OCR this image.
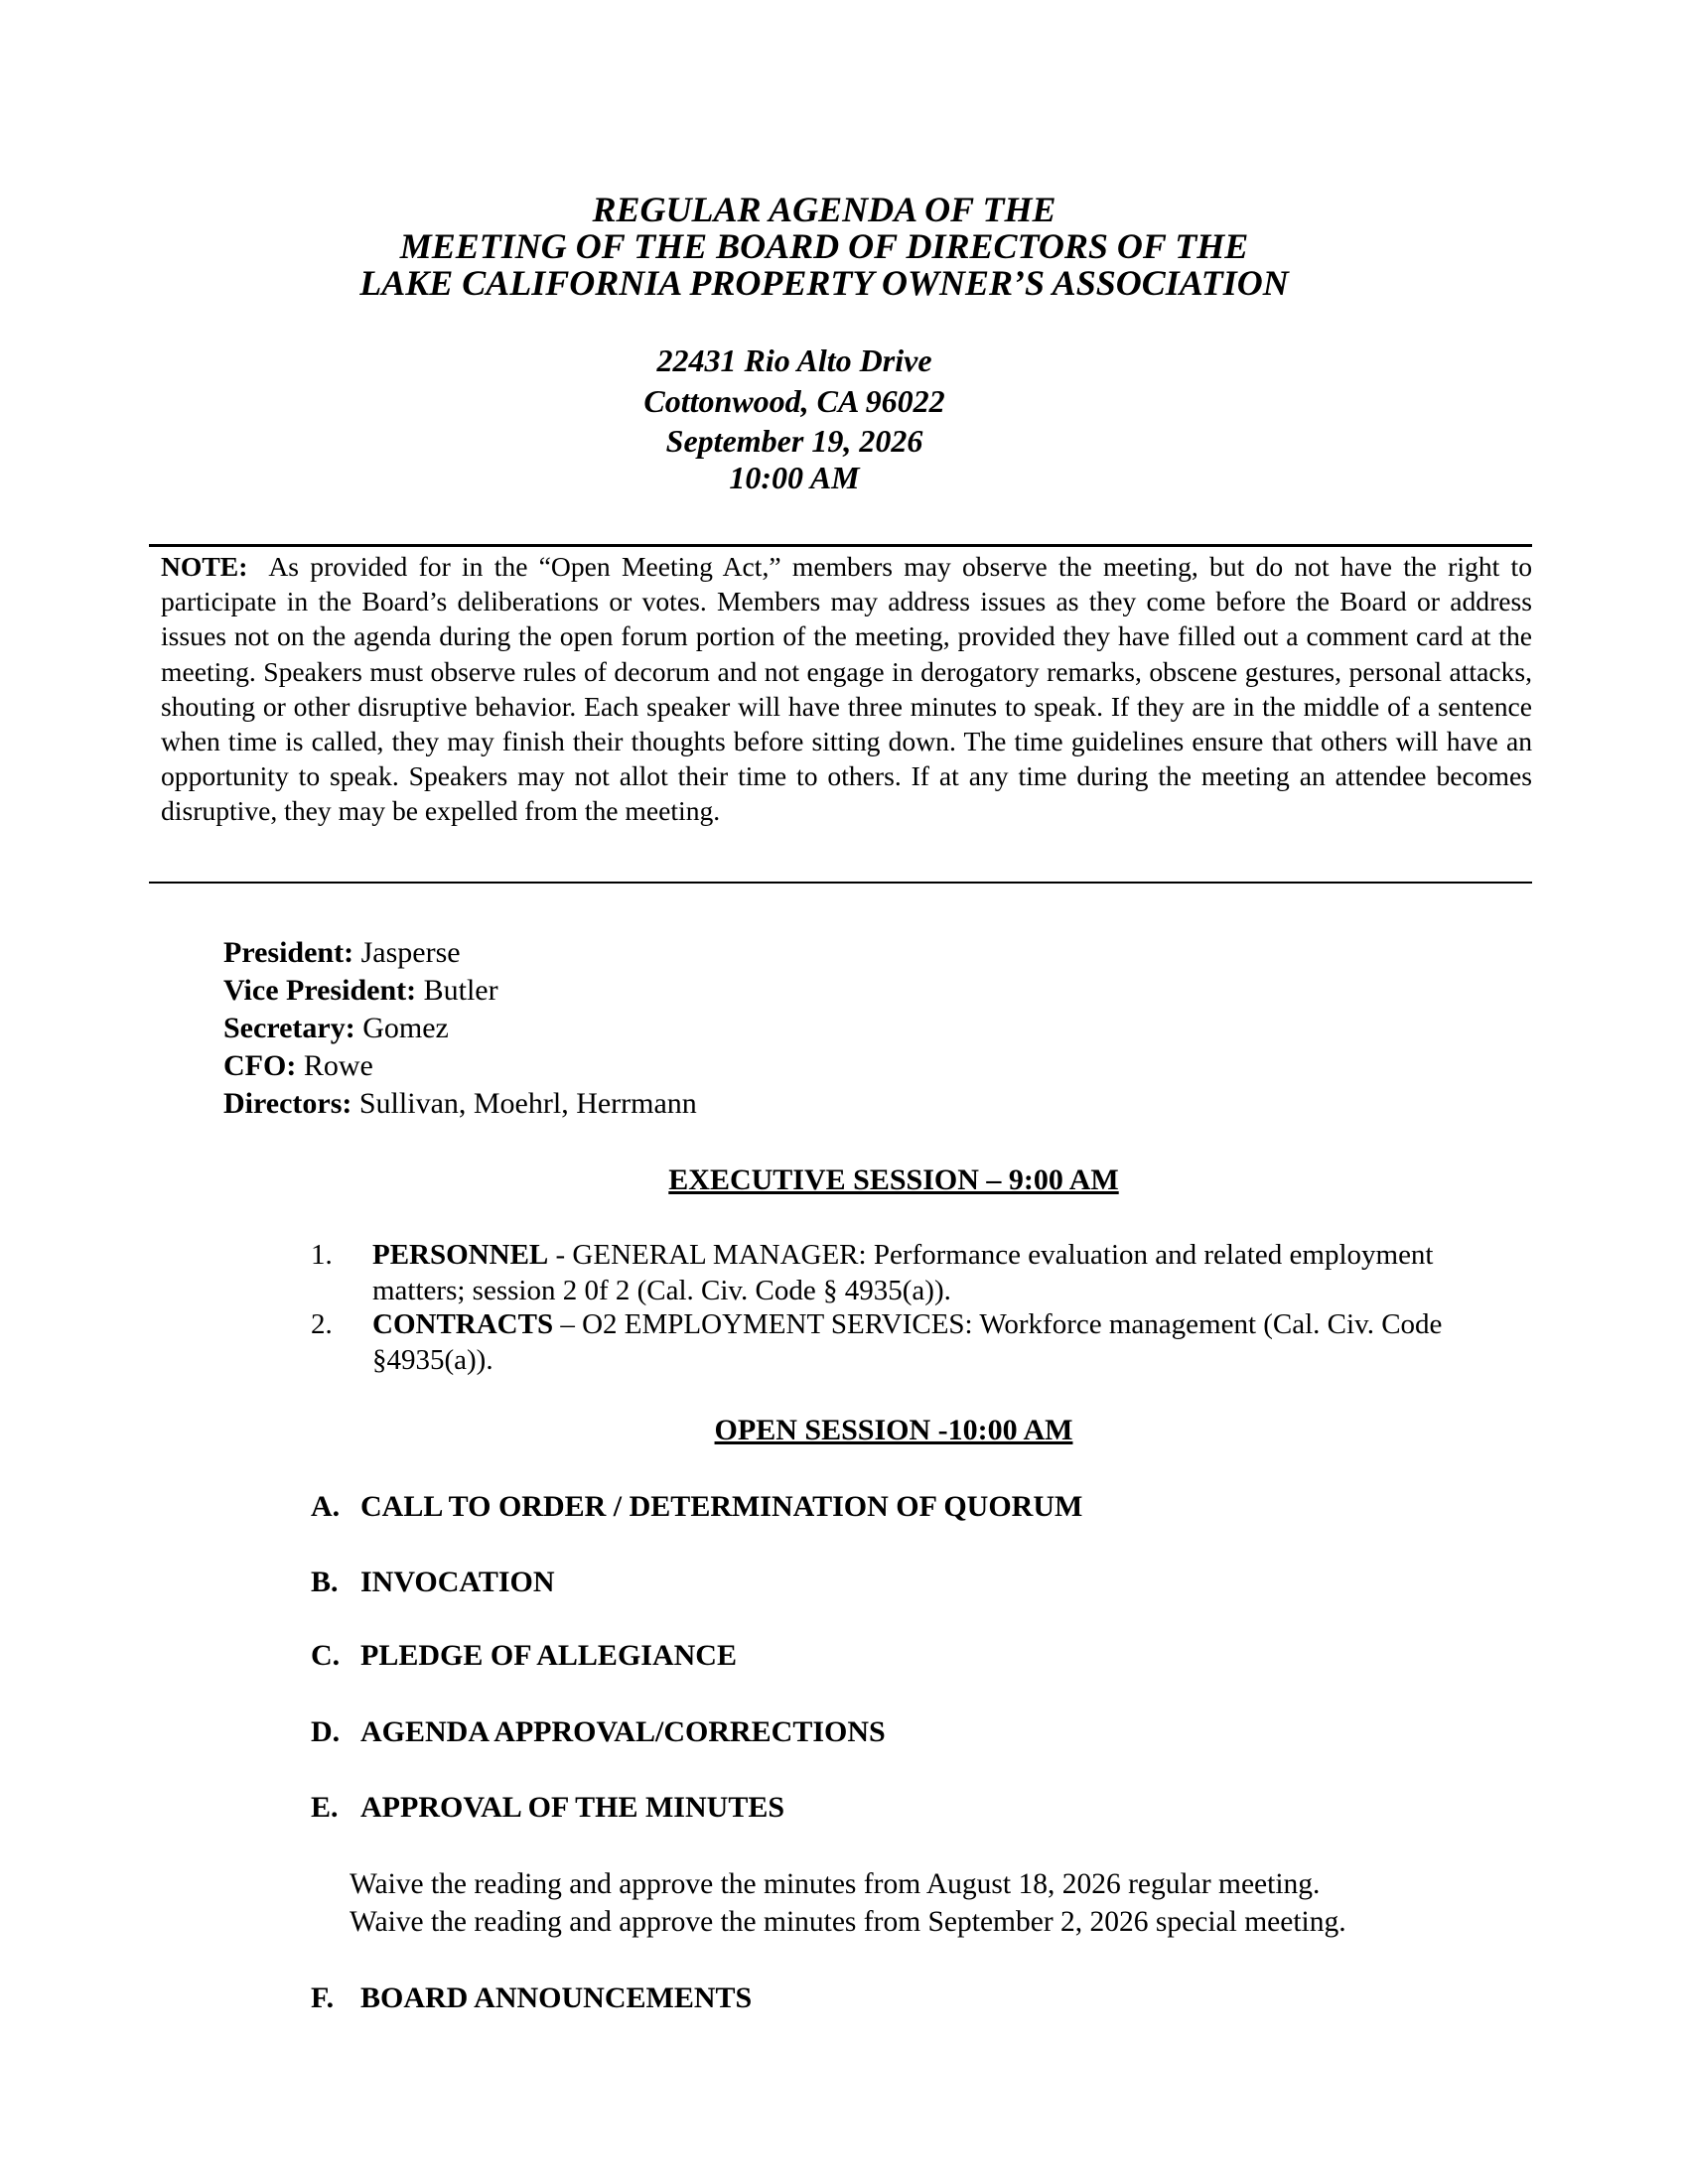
REGULAR AGENDA OF THE
MEETING OF THE BOARD OF DIRECTORS OF THE
LAKE CALIFORNIA PROPERTY OWNER’S ASSOCIATION
22431 Rio Alto Drive
Cottonwood, CA 96022
September 19, 2026
10:00 AM

NOTE: As provided for in the “Open Meeting Act,” members may observe the meeting, but do not have the right to participate in the Board’s deliberations or votes. Members may address issues as they come before the Board or address issues not on the agenda during the open forum portion of the meeting, provided they have filled out a comment card at the meeting. Speakers must observe rules of decorum and not engage in derogatory remarks, obscene gestures, personal attacks, shouting or other disruptive behavior. Each speaker will have three minutes to speak. If they are in the middle of a sentence when time is called, they may finish their thoughts before sitting down. The time guidelines ensure that others will have an opportunity to speak. Speakers may not allot their time to others. If at any time during the meeting an attendee becomes disruptive, they may be expelled from the meeting.

President: Jasperse
Vice President: Butler
Secretary: Gomez
CFO: Rowe
Directors: Sullivan, Moehrl, Herrmann
EXECUTIVE SESSION – 9:00 AM
1. PERSONNEL - GENERAL MANAGER: Performance evaluation and related employment matters; session 2 0f 2 (Cal. Civ. Code § 4935(a)).

2. CONTRACTS – O2 EMPLOYMENT SERVICES: Workforce management (Cal. Civ. Code §4935(a)).

OPEN SESSION -10:00 AM
A. CALL TO ORDER / DETERMINATION OF QUORUM
B. INVOCATION
C. PLEDGE OF ALLEGIANCE
D. AGENDA APPROVAL/CORRECTIONS
E. APPROVAL OF THE MINUTES
Waive the reading and approve the minutes from August 18, 2026 regular meeting.
Waive the reading and approve the minutes from September 2, 2026 special meeting.
F. BOARD ANNOUNCEMENTS
